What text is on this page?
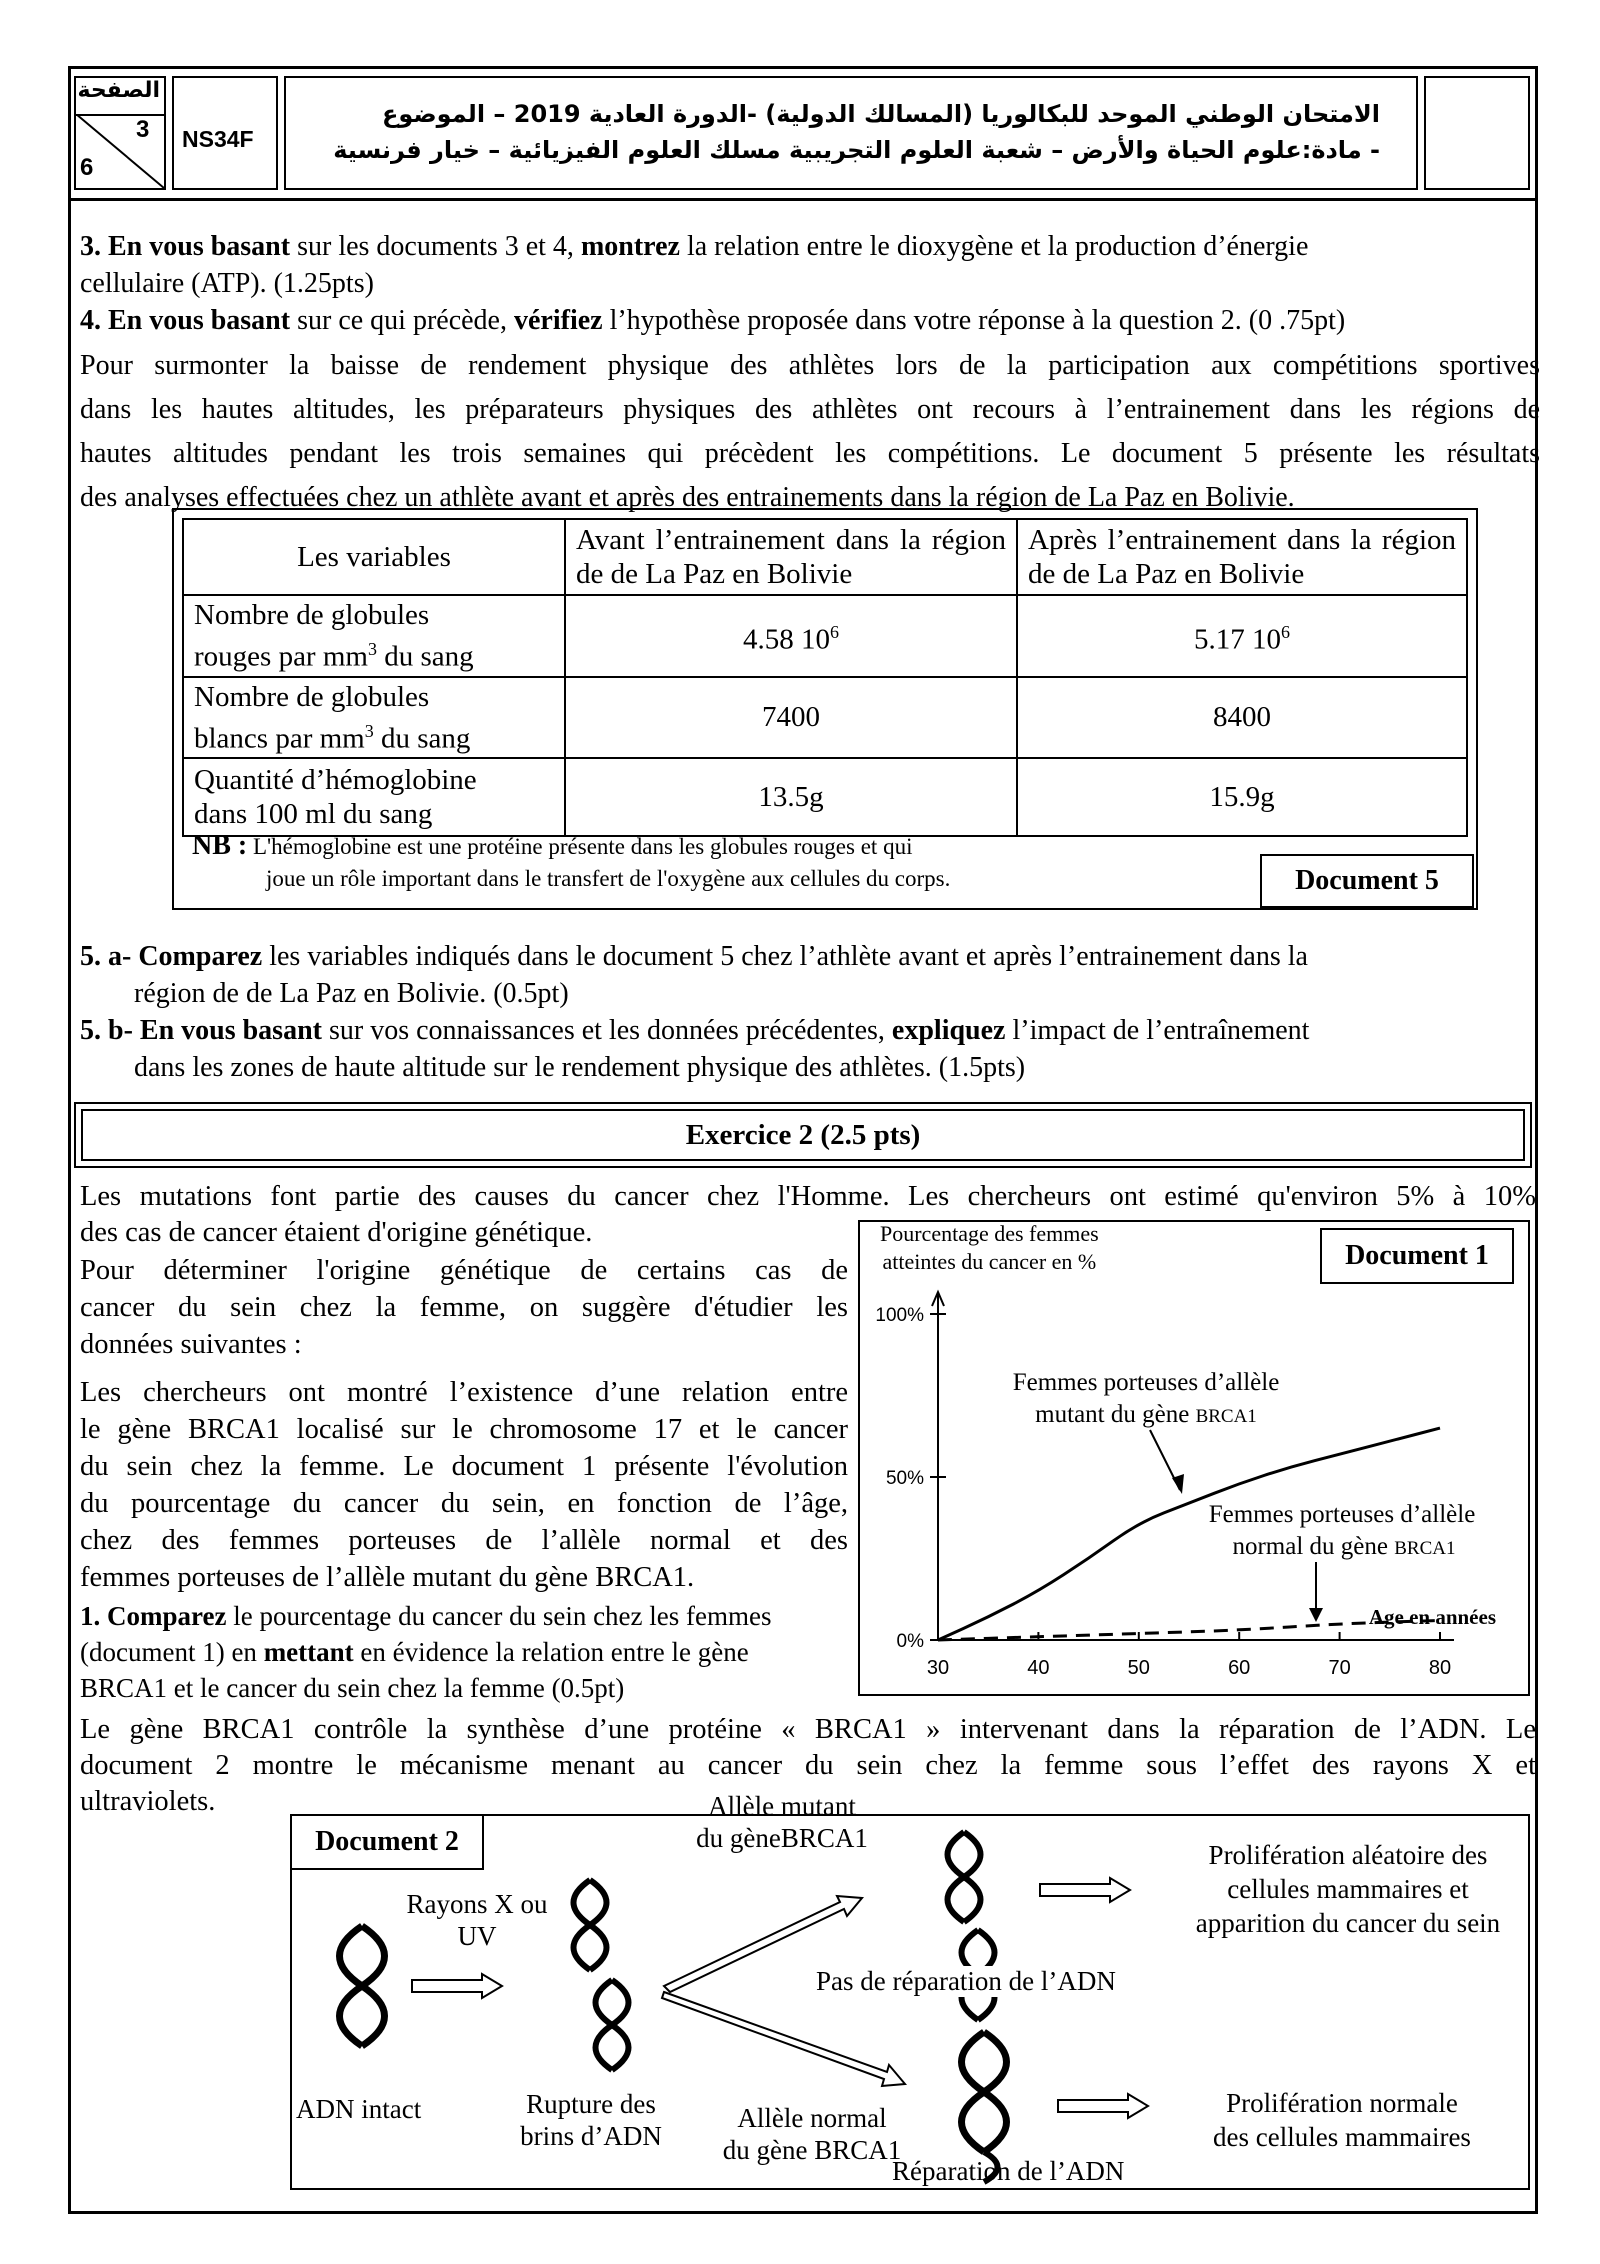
الصفحة
3
6
NS34F
الامتحان الوطني الموحد للبكالوريا (المسالك الدولية) -الدورة العادية 2019 – الموضوع
- مادة:علوم الحياة والأرض – شعبة العلوم التجريبية مسلك العلوم الفيزيائية – خيار فرنسية
3. En vous basant sur les documents 3 et 4, montrez la relation entre le dioxygène et la production d’énergie
cellulaire (ATP). (1.25pts)
4. En vous basant sur ce qui précède, vérifiez l’hypothèse proposée dans votre réponse à la question 2. (0 .75pt)
Pour surmonter la baisse de rendement physique des athlètes lors de la participation aux compétitions sportives
dans les hautes altitudes, les préparateurs physiques des athlètes ont recours à l’entrainement dans les régions de
hautes altitudes pendant les trois semaines qui précèdent les compétitions. Le document 5 présente les résultats
des analyses effectuées chez un athlète avant et après des entrainements dans la région de La Paz en Bolivie.
Les variables	Avant l’entrainement dans la région de de La Paz en Bolivie	Après l’entrainement dans la région de de La Paz en Bolivie

Nombre de globules
rouges par $mm^3$ du sang	4.58 $10^6$	5.17 $10^6$

Nombre de globules
blancs par $mm^3$ du sang	7400	8400

Quantité d’hémoglobine
dans 100 ml du sang	13.5g	15.9g
NB : L'hémoglobine est une protéine présente dans les globules rouges et qui
joue un rôle important dans le transfert de l'oxygène aux cellules du corps.	Document 5
5. a- Comparez les variables indiqués dans le document 5 chez l’athlète avant et après l’entrainement dans la
région de de La Paz en Bolivie. (0.5pt)
5. b- En vous basant sur vos connaissances et les données précédentes, expliquez l’impact de l’entraînement
dans les zones de haute altitude sur le rendement physique des athlètes. (1.5pts)
Exercice 2 (2.5 pts)
Les mutations font partie des causes du cancer chez l'Homme. Les chercheurs ont estimé qu'environ 5% à 10%
des cas de cancer étaient d'origine génétique.
Pour déterminer l'origine génétique de certains cas de
cancer du sein chez la femme, on suggère d'étudier les
données suivantes :
Les chercheurs ont montré l’existence d’une relation entre
le gène BRCA1 localisé sur le chromosome 17 et le cancer
du sein chez la femme. Le document 1 présente l'évolution
du pourcentage du cancer du sein, en fonction de l’âge,
chez des femmes porteuses de l’allèle normal et des
femmes porteuses de l’allèle mutant du gène BRCA1.
1. Comparez le pourcentage du cancer du sein chez les femmes
(document 1) en mettant en évidence la relation entre le gène
BRCA1 et le cancer du sein chez la femme (0.5pt)
0%
50%
100%
30	40	50	60	70	80
Age en années
Femmes porteuses d’allèle
mutant du gène BRCA1
Femmes porteuses d’allèle
normal du gène BRCA1
Pourcentage des femmes
atteintes du cancer en %	Document 1
Le gène BRCA1 contrôle la synthèse d’une protéine « BRCA1 » intervenant dans la réparation de l’ADN. Le
document 2 montre le mécanisme menant au cancer du sein chez la femme sous l’effet des rayons X et
ultraviolets.
Document 2
Rayons X ou
UV
ADN intact	Rupture des
brins d’ADN
Allèle mutant
du gèneBRCA1
Allèle normal
du gène BRCA1
Pas de réparation de l’ADN
Réparation de l’ADN
Prolifération aléatoire des
cellules mammaires et
apparition du cancer du sein
Prolifération normale
des cellules mammaires
